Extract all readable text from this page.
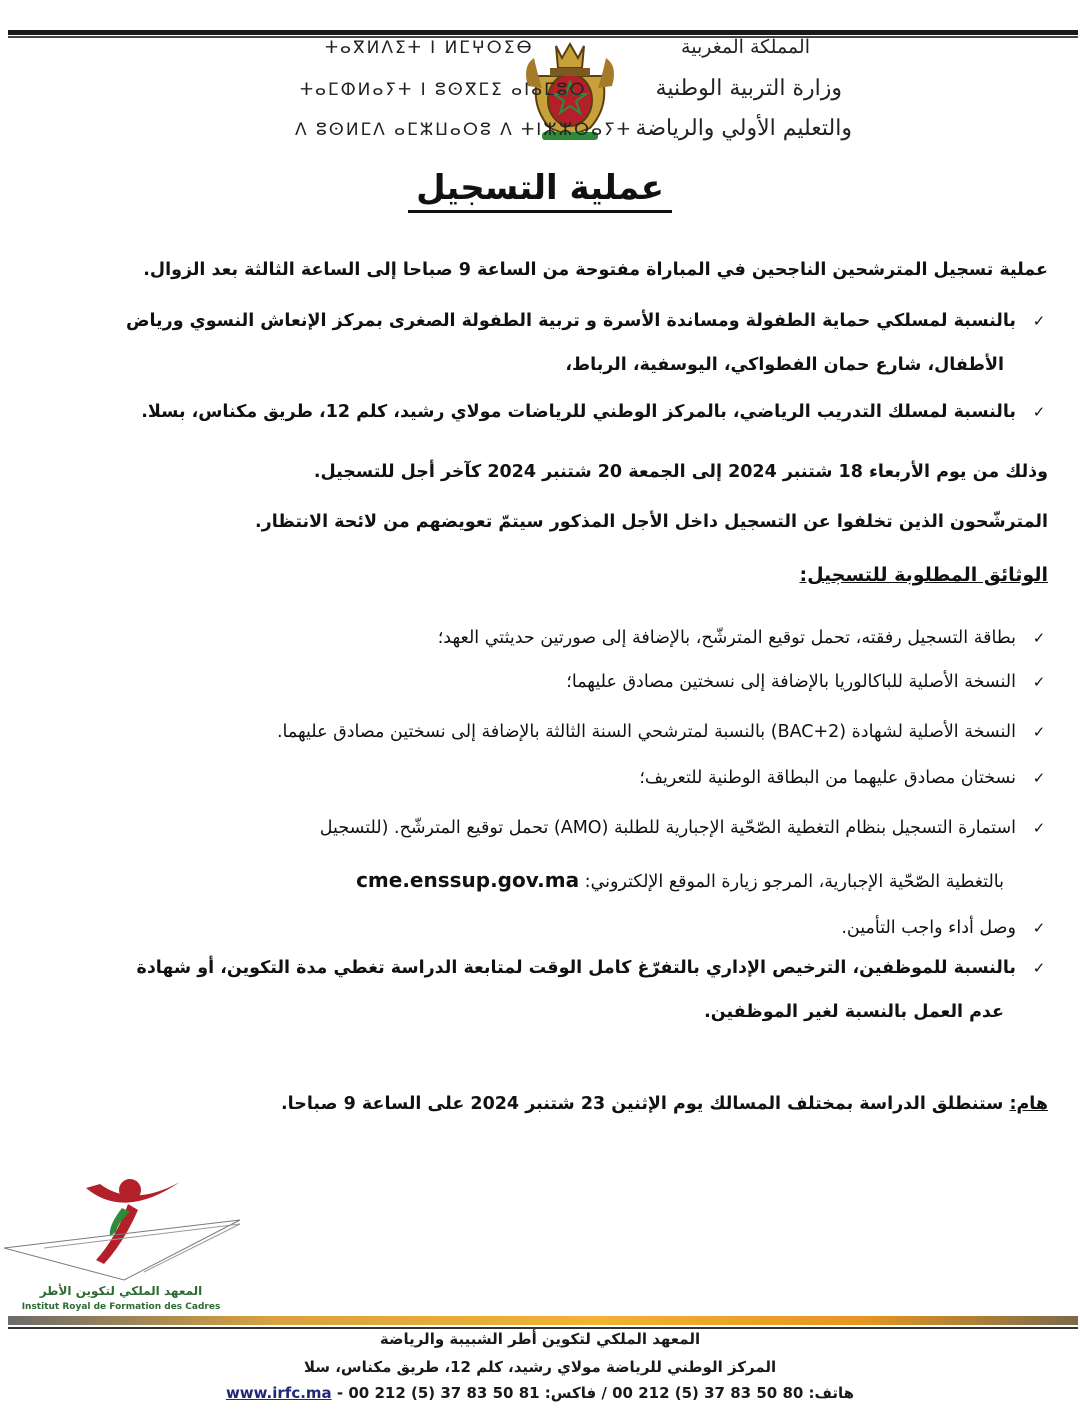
المملكة المغربية
وزارة التربية الوطنية
والتعليم الأولي والرياضة
ⵜⴰⴳⵍⴷⵉⵜ ⵏ ⵍⵎⵖⵔⵉⴱ
ⵜⴰⵎⵀⵍⴰⵢⵜ ⵏ ⵓⵙⴳⵎⵉ ⴰⵏⴰⵎⵓⵔ
ⴷ ⵓⵙⵍⵎⴷ ⴰⵎⵣⵡⴰⵔⵓ ⴷ ⵜⵏⵣⵣⵔⴰⵢⵜ
عملية التسجيل
عملية تسجيل المترشحين الناجحين في المباراة مفتوحة من الساعة 9 صباحا إلى الساعة الثالثة بعد الزوال.
✓بالنسبة لمسلكي حماية الطفولة ومساندة الأسرة و تربية الطفولة الصغرى بمركز الإنعاش النسوي ورياض
الأطفال، شارع حمان الفطواكي، اليوسفية، الرباط،
✓بالنسبة لمسلك التدريب الرياضي، بالمركز الوطني للرياضات مولاي رشيد، كلم 12، طريق مكناس، بسلا.
وذلك من يوم الأربعاء 18 شتنبر 2024 إلى الجمعة 20 شتنبر 2024 كآخر أجل للتسجيل.
المترشّحون الذين تخلفوا عن التسجيل داخل الأجل المذكور سيتمّ تعويضهم من لائحة الانتظار.
الوثائق المطلوبة للتسجيل:
✓بطاقة التسجيل رفقته، تحمل توقيع المترشّح، بالإضافة إلى صورتين حديثتي العهد؛
✓النسخة الأصلية للباكالوريا بالإضافة إلى نسختين مصادق عليهما؛
✓النسخة الأصلية لشهادة (BAC+2) بالنسبة لمترشحي السنة الثالثة بالإضافة إلى نسختين مصادق عليهما.
✓نسختان مصادق عليهما من البطاقة الوطنية للتعريف؛
✓استمارة التسجيل بنظام التغطية الصّحّية الإجبارية للطلبة (AMO) تحمل توقيع المترشّح. (للتسجيل
بالتغطية الصّحّية الإجبارية، المرجو زيارة الموقع الإلكتروني: cme.enssup.gov.ma
✓وصل أداء واجب التأمين.
✓بالنسبة للموظفين، الترخيص الإداري بالتفرّغ كامل الوقت لمتابعة الدراسة تغطي مدة التكوين، أو شهادة
عدم العمل بالنسبة لغير الموظفين.
هام: ستنطلق الدراسة بمختلف المسالك يوم الإثنين 23 شتنبر 2024 على الساعة 9 صباحا.
المعهد الملكي لتكوين الأطر
Institut Royal de Formation des Cadres
المعهد الملكي لتكوين أطر الشبيبة والرياضة
المركز الوطني للرياضة مولاي رشيد، كلم 12، طريق مكناس، سلا
www.irfc.ma هاتف: 80 50 83 37 (5) 212 00 / فاكس: 81 50 83 37 (5) 212 00 -
